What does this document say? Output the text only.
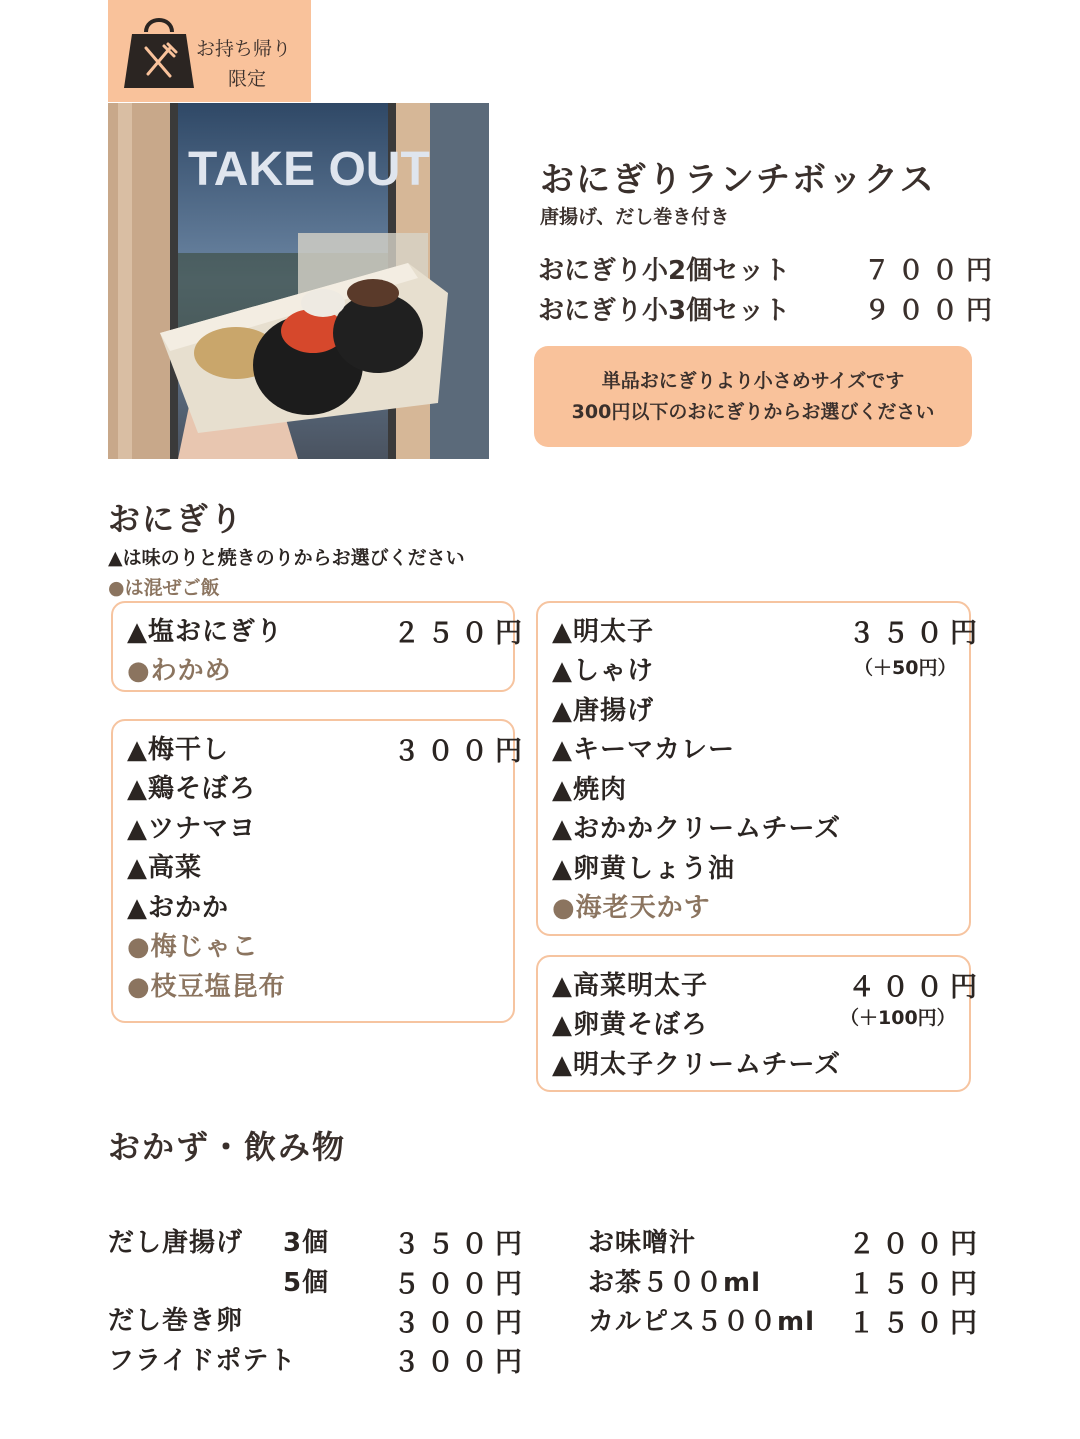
お持ち帰り
限定
TAKE OUT	おにぎりランチボックス
唐揚げ、だし巻き付き
おにぎり小2個セット	７００円
おにぎり小3個セット	９００円
単品おにぎりより小さめサイズです
300円以下のおにぎりからお選びください
おにぎり
▲は味のりと焼きのりからお選びください
●は混ぜご飯
▲塩おにぎり
●わかめ
２５０円
▲梅干し
▲鶏そぼろ
▲ツナマヨ
▲高菜
▲おかか
●梅じゃこ
●枝豆塩昆布
３００円
▲明太子
▲しゃけ
▲唐揚げ
▲キーマカレー
▲焼肉
▲おかかクリームチーズ
▲卵黄しょう油
●海老天かす
３５０円
（＋50円）
▲高菜明太子
▲卵黄そぼろ
▲明太子クリームチーズ
４００円
（＋100円）
おかず・飲み物
だし唐揚げ 3個 ３５０円
5個 ５００円
だし巻き卵	３００円
フライドポテト	３００円
お味噌汁	２００円
お茶５００ml	１５０円
カルピス５００ml １５０円
